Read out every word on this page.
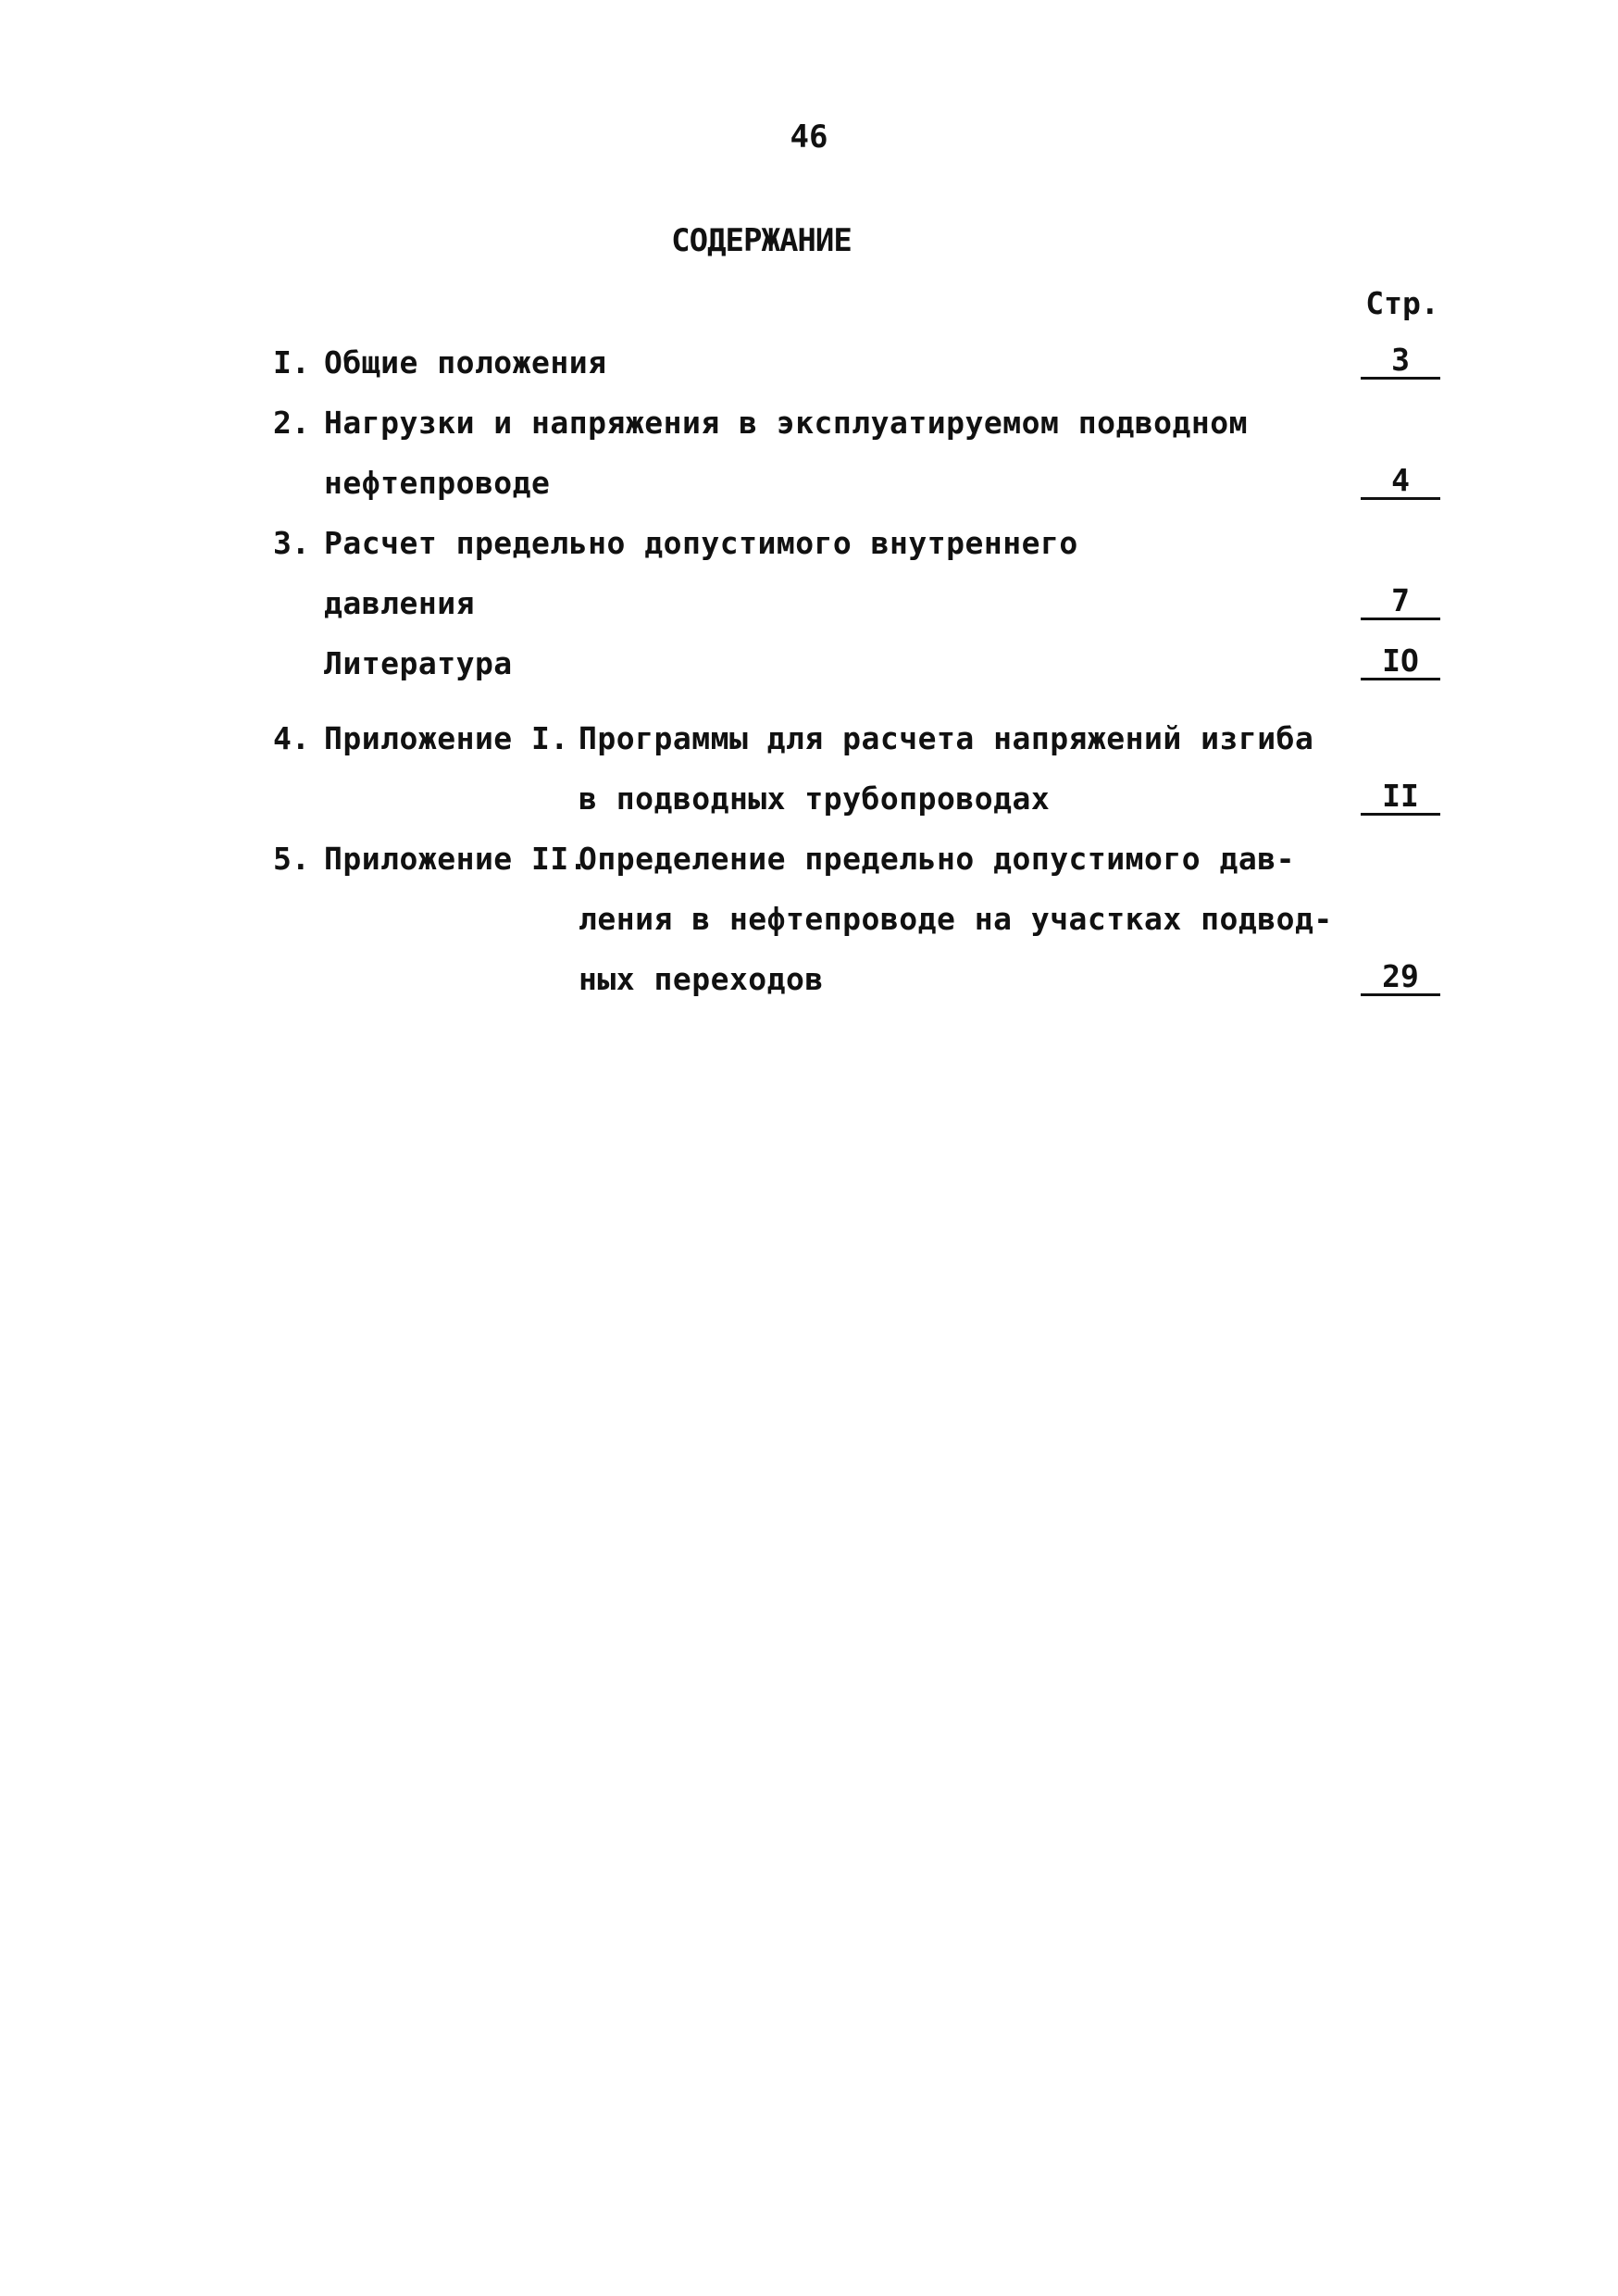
46
СОДЕРЖАНИЕ
Стр.
I. Общие положения	3
2. Нагрузки и напряжения в эксплуатируемом подводном
нефтепроводе	4
3. Расчет предельно допустимого внутреннего
давления	7
Литература	IO
4. Приложение I. Программы для расчета напряжений изгиба
в подводных трубопроводах	II
5. Приложение II.
Определение предельно допустимого дав-
ления в нефтепроводе на участках подвод-
ных переходов	29
